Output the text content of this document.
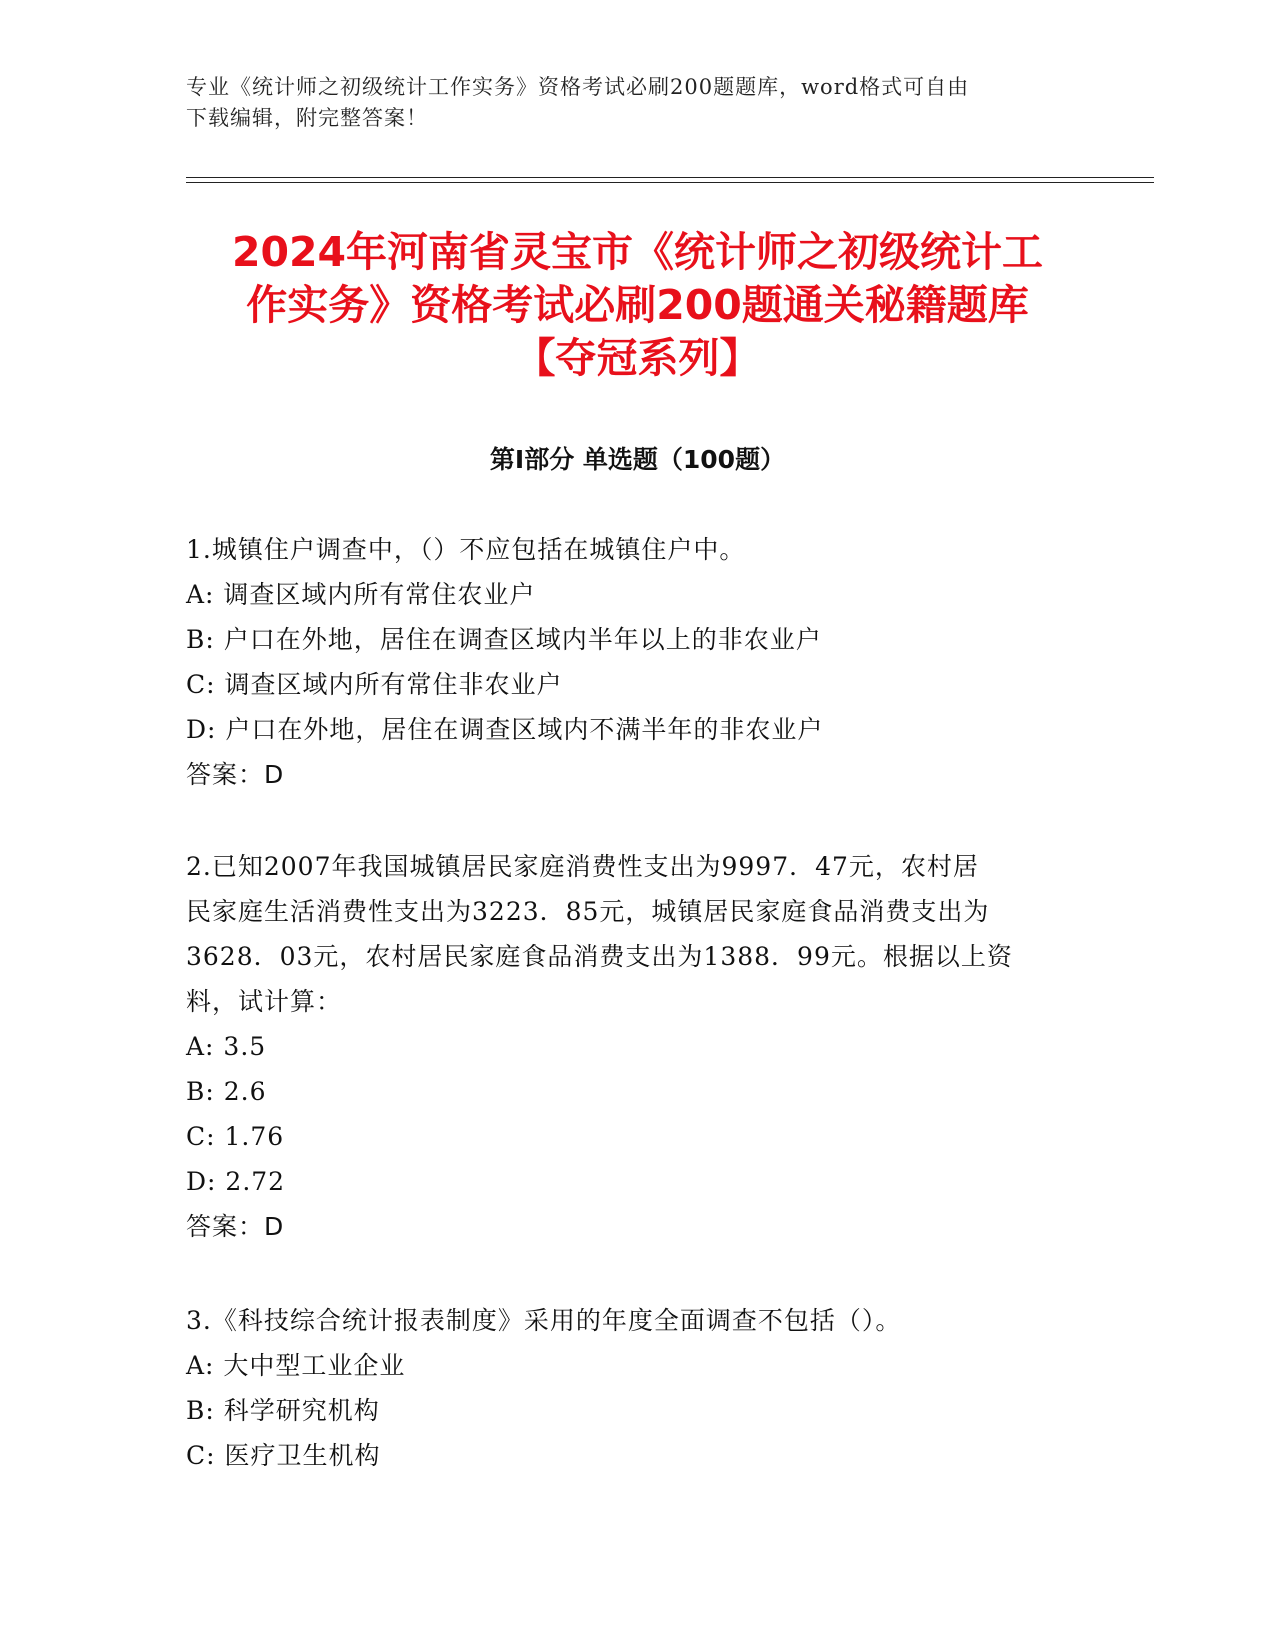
专业《统计师之初级统计工作实务》资格考试必刷200题题库，word格式可自由
下载编辑，附完整答案！
2024年河南省灵宝市《统计师之初级统计工
作实务》资格考试必刷200题通关秘籍题库
【夺冠系列】
第I部分 单选题（100题）

1.城镇住户调查中，（）不应包括在城镇住户中。

A: 调查区域内所有常住农业户

B: 户口在外地，居住在调查区域内半年以上的非农业户

C: 调查区域内所有常住非农业户

D: 户口在外地，居住在调查区域内不满半年的非农业户

答案：D

2.已知2007年我国城镇居民家庭消费性支出为9997．47元，农村居

民家庭生活消费性支出为3223．85元，城镇居民家庭食品消费支出为

3628．03元，农村居民家庭食品消费支出为1388．99元。根据以上资

料，试计算：

A: 3.5

B: 2.6

C: 1.76

D: 2.72

答案：D

3.《科技综合统计报表制度》采用的年度全面调查不包括（）。

A: 大中型工业企业

B: 科学研究机构

C: 医疗卫生机构
